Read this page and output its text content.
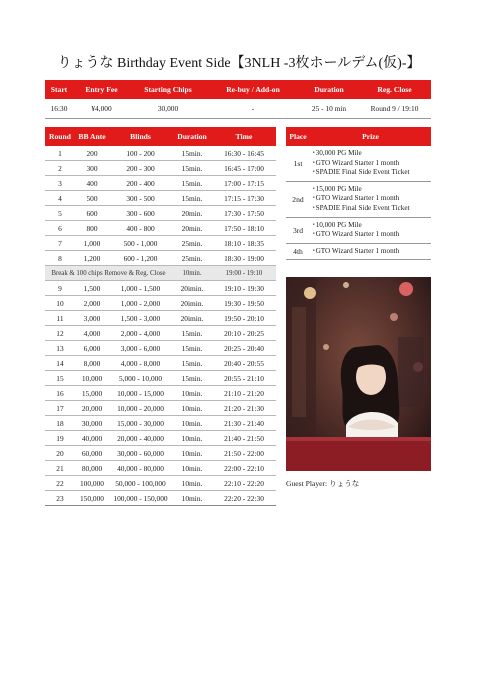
りょうな Birthday Event Side【3NLH -3枚ホールデム(仮)-】
Start	Entry Fee	Starting Chips	Re-buy / Add-on	Duration	Reg. Close
16:30	¥4,000	30,000	-	25 - 10 min	Round 9 / 19:10
Round	BB Ante	Blinds	Duration	Time
1	200	100 - 200	15min.	16:30 - 16:45
2	300	200 - 300	15min.	16:45 - 17:00
3	400	200 - 400	15min.	17:00 - 17:15
4	500	300 - 500	15min.	17:15 - 17:30
5	600	300 - 600	20min.	17:30 - 17:50
6	800	400 - 800	20min.	17:50 - 18:10
7	1,000	500 - 1,000	25min.	18:10 - 18:35
8	1,200	600 - 1,200	25min.	18:30 - 19:00
Break & 100 chips Remove & Reg. Close			10min.	19:00 - 19:10
9	1,500	1,000 - 1,500	20imin.	19:10 - 19:30
10	2,000	1,000 - 2,000	20imin.	19:30 - 19:50
11	3,000	1,500 - 3,000	20imin.	19:50 - 20:10
12	4,000	2,000 - 4,000	15min.	20:10 - 20:25
13	6,000	3,000 - 6,000	15min.	20:25 - 20:40
14	8,000	4,000 - 8,000	15min.	20:40 - 20:55
15	10,000	5,000 - 10,000	15min.	20:55 - 21:10
16	15,000	10,000 - 15,000	10min.	21:10 - 21:20
17	20,000	10,000 - 20,000	10min.	21:20 - 21:30
18	30,000	15,000 - 30,000	10min.	21:30 - 21:40
19	40,000	20,000 - 40,000	10min.	21:40 - 21:50
20	60,000	30,000 - 60,000	10min.	21:50 - 22:00
21	80,000	40,000 - 80,000	10min.	22:00 - 22:10
22	100,000	50,000 - 100,000	10min.	22:10 - 22:20
23	150,000	100,000 - 150,000	10min.	22:20 - 22:30
Place	Prize
1st	･30,000 PG Mile
･GTO Wizard Starter 1 month
･SPADIE Final Side Event Ticket

2nd	･15,000 PG Mile
･GTO Wizard Starter 1 month
･SPADIE Final Side Event Ticket

3rd	･10,000 PG Mile
･GTO Wizard Starter 1 month

4th	･GTO Wizard Starter 1 month
Guest Player: りょうな
